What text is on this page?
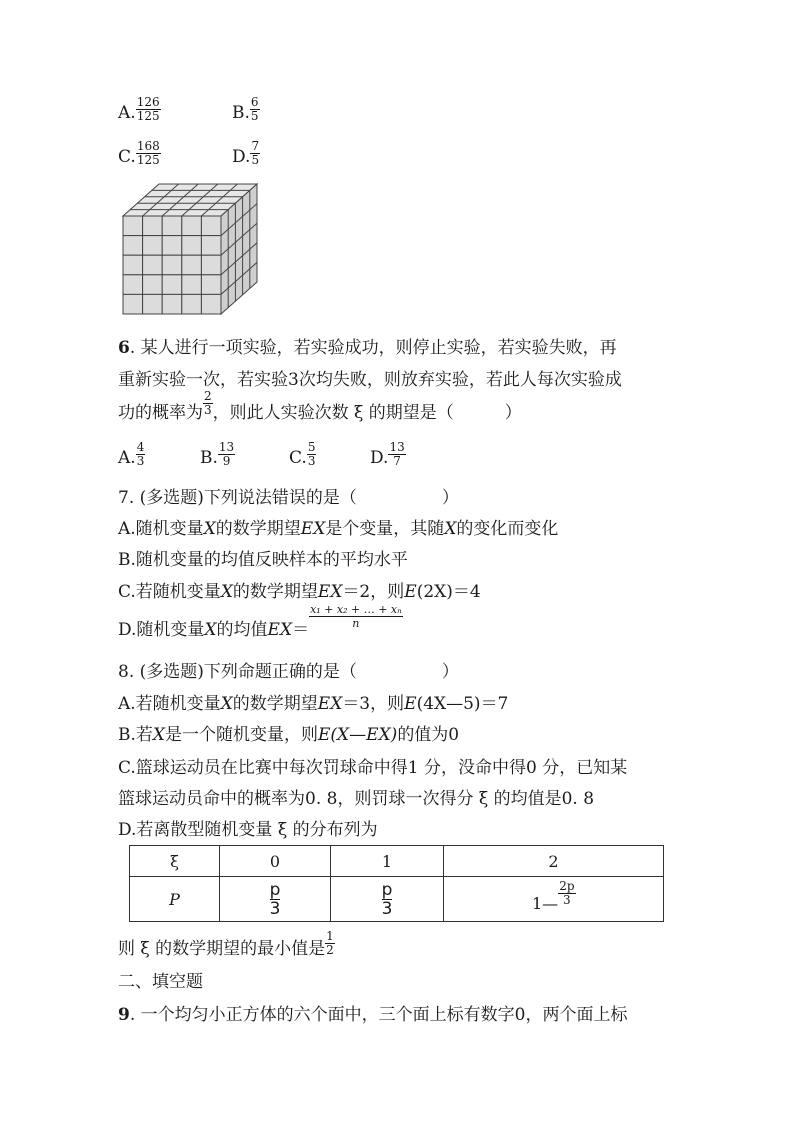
A. $\frac{126}{125}$	B. $\frac{6}{5}$
C. $\frac{168}{125}$	D. $\frac{7}{5}$
6. 某人进行一项实验，若实验成功，则停止实验，若实验失败，再
重新实验一次，若实验3次均失败，则放弃实验，若此人每次实验成
功的概率为 $\frac{2}{3}$ ，则此人实验次数 ξ 的期望是（　　　）
A. $\frac{4}{3}$	B. $\frac{13}{9}$	C. $\frac{5}{3}$	D. $\frac{13}{7}$
7. (多选题)下列说法错误的是（　　　　　）
A.随机变量X的数学期望EX是个变量，其随X的变化而变化
B.随机变量的均值反映样本的平均水平
C.若随机变量X的数学期望EX＝2，则E(2X)＝4
D.随机变量X的均值$EX= \frac{\text{x₁ + x₂ + … + xₙ}}{n}$
8. (多选题)下列命题正确的是（　　　　　）
A.若随机变量X的数学期望EX＝3，则E(4X—5)＝7
B.若X是一个随机变量，则E(X—EX)的值为0
C.篮球运动员在比赛中每次罚球命中得1 分，没命中得0 分，已知某
篮球运动员命中的概率为0. 8，则罚球一次得分 ξ 的均值是0. 8
D.若离散型随机变量 ξ 的分布列为
ξ	0	1	2
P	$\frac{p}{3}$	$\frac{p}{3}$	1— $\frac{2p}{3}$
则 ξ 的数学期望的最小值是 $\frac{1}{2}$
二、填空题
9. 一个均匀小正方体的六个面中，三个面上标有数字0，两个面上标
